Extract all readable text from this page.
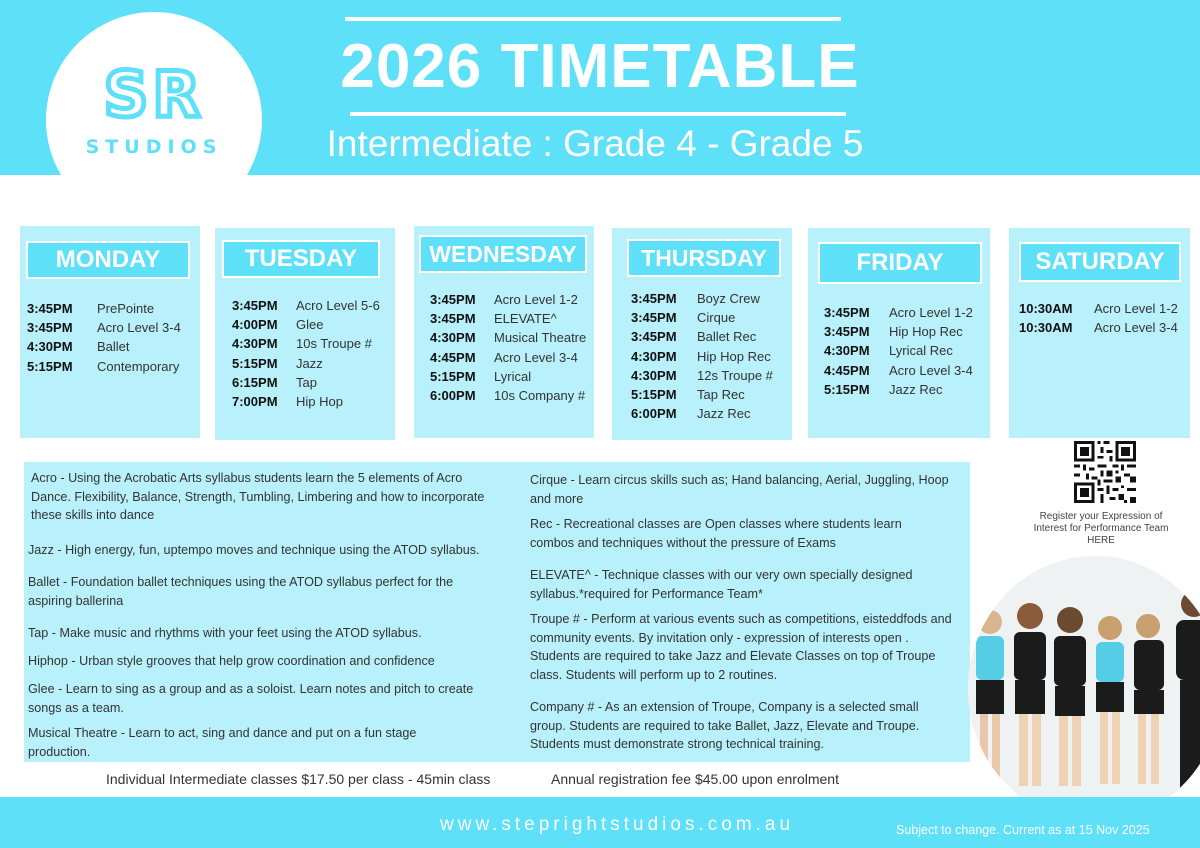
2026 TIMETABLE
Intermediate : Grade 4 - Grade 5
SR
STUDIOS
MONDAY
3:45PM	PrePointe
3:45PM	Acro Level 3-4
4:30PM	Ballet
5:15PM	Contemporary
TUESDAY
3:45PM	Acro Level 5-6
4:00PM	Glee
4:30PM	10s Troupe #
5:15PM	Jazz
6:15PM	Tap
7:00PM	Hip Hop
WEDNESDAY
3:45PM	Acro Level 1-2
3:45PM	ELEVATE^
4:30PM	Musical Theatre
4:45PM	Acro Level 3-4
5:15PM	Lyrical
6:00PM	10s Company #
THURSDAY
3:45PM	Boyz Crew
3:45PM	Cirque
3:45PM	Ballet Rec
4:30PM	Hip Hop Rec
4:30PM	12s Troupe #
5:15PM	Tap Rec
6:00PM	Jazz Rec
FRIDAY
3:45PM	Acro Level 1-2
3:45PM	Hip Hop Rec
4:30PM	Lyrical Rec
4:45PM	Acro Level 3-4
5:15PM	Jazz Rec
SATURDAY
10:30AM	Acro Level 1-2
10:30AM	Acro Level 3-4
Acro - Using the Acrobatic Arts syllabus students learn the 5 elements of Acro Dance. Flexibility, Balance, Strength, Tumbling, Limbering and how to incorporate these skills into dance
Jazz - High energy, fun, uptempo moves and technique using the ATOD syllabus.
Ballet - Foundation ballet techniques using the ATOD syllabus perfect for the aspiring ballerina
Tap - Make music and rhythms with your feet using the ATOD syllabus.
Hiphop - Urban style grooves that help grow coordination and confidence
Glee - Learn to sing as a group and as a soloist. Learn notes and pitch to create songs as a team.
Musical Theatre - Learn to act, sing and dance and put on a fun stage production.
Cirque - Learn circus skills such as; Hand balancing, Aerial, Juggling, Hoop and more
Rec - Recreational classes are Open classes where students learn combos and techniques without the pressure of Exams
ELEVATE^ - Technique classes with our very own specially designed syllabus.*required for Performance Team*
Troupe # - Perform at various events such as competitions, eisteddfods and community events. By invitation only - expression of interests open . Students are required to take Jazz and Elevate Classes on top of Troupe class. Students will perform up to 2 routines.
Company # - As an extension of Troupe, Company is a selected small group. Students are required to take Ballet, Jazz, Elevate and Troupe. Students must demonstrate strong technical training.
Individual Intermediate classes $17.50 per class - 45min class	Annual registration fee $45.00 upon enrolment
Register your Expression of Interest for Performance Team HERE
www.steprightstudios.com.au	Subject to change. Current as at 15 Nov 2025
